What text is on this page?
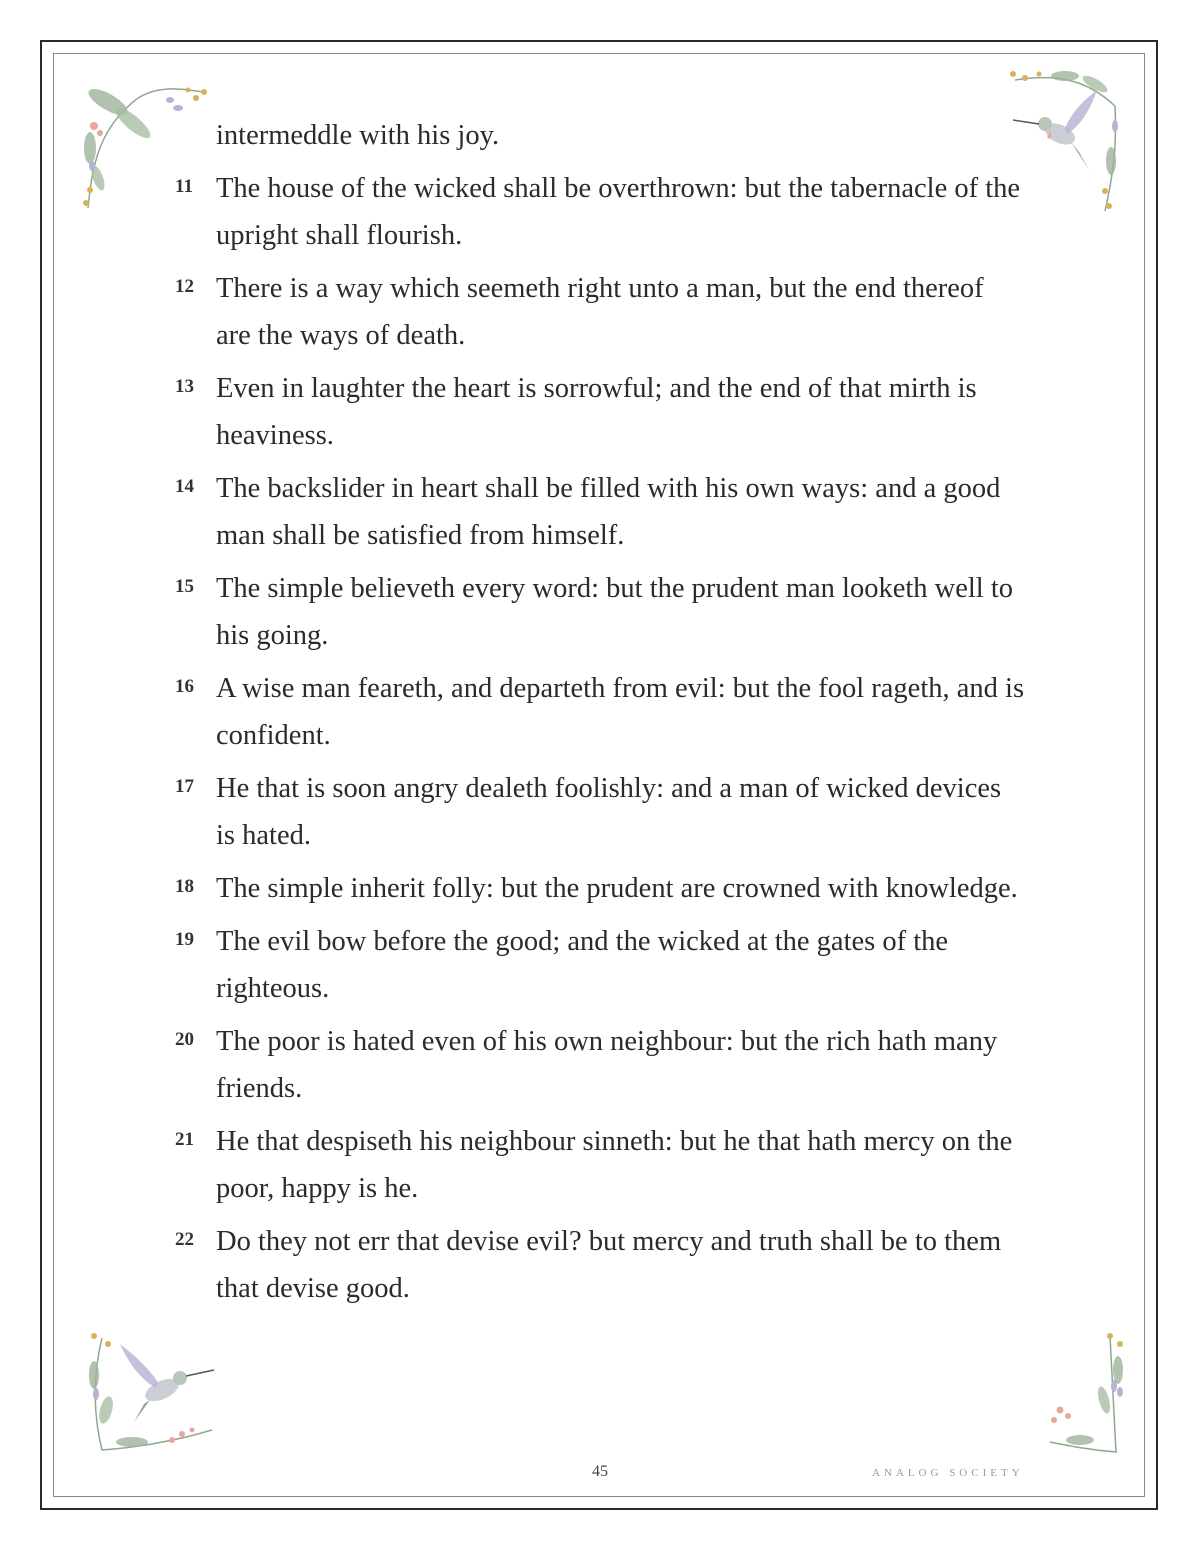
intermeddle with his joy.
11 The house of the wicked shall be overthrown: but the tabernacle of the upright shall flourish.
12 There is a way which seemeth right unto a man, but the end thereof are the ways of death.
13 Even in laughter the heart is sorrowful; and the end of that mirth is heaviness.
14 The backslider in heart shall be filled with his own ways: and a good man shall be satisfied from himself.
15 The simple believeth every word: but the prudent man looketh well to his going.
16 A wise man feareth, and departeth from evil: but the fool rageth, and is confident.
17 He that is soon angry dealeth foolishly: and a man of wicked devices is hated.
18 The simple inherit folly: but the prudent are crowned with knowledge.
19 The evil bow before the good; and the wicked at the gates of the righteous.
20 The poor is hated even of his own neighbour: but the rich hath many friends.
21 He that despiseth his neighbour sinneth: but he that hath mercy on the poor, happy is he.
22 Do they not err that devise evil? but mercy and truth shall be to them that devise good.
45	ANALOG SOCIETY
